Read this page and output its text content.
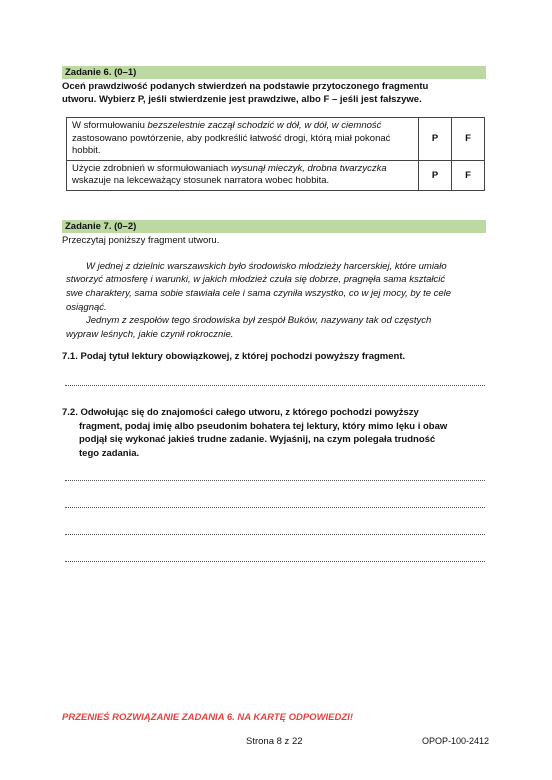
Zadanie 6. (0–1)
Oceń prawdziwość podanych stwierdzeń na podstawie przytoczonego fragmentu
utworu. Wybierz P, jeśli stwierdzenie jest prawdziwe, albo F – jeśli jest fałszywe.
W sformułowaniu bezszelestnie zaczął schodzić w dół, w dół, w ciemność
zastosowano powtórzenie, aby podkreślić łatwość drogi, którą miał pokonać
hobbit.	P	F
Użycie zdrobnień w sformułowaniach wysunął mieczyk, drobna twarzyczka
wskazuje na lekceważący stosunek narratora wobec hobbita.	P	F
Zadanie 7. (0–2)
Przeczytaj poniższy fragment utworu.
W jednej z dzielnic warszawskich było środowisko młodzieży harcerskiej, które umiało
stworzyć atmosferę i warunki, w jakich młodzież czuła się dobrze, pragnęła sama kształcić
swe charaktery, sama sobie stawiała cele i sama czyniła wszystko, co w jej mocy, by te cele
osiągnąć.
Jednym z zespołów tego środowiska był zespół Buków, nazywany tak od częstych
wypraw leśnych, jakie czynił rokrocznie.
7.1. Podaj tytuł lektury obowiązkowej, z której pochodzi powyższy fragment.
7.2. Odwołując się do znajomości całego utworu, z którego pochodzi powyższy
fragment, podaj imię albo pseudonim bohatera tej lektury, który mimo lęku i obaw
podjął się wykonać jakieś trudne zadanie. Wyjaśnij, na czym polegała trudność
tego zadania.
PRZENIEŚ ROZWIĄZANIE ZADANIA 6. NA KARTĘ ODPOWIEDZI!
Strona 8 z 22	OPOP-100-2412
